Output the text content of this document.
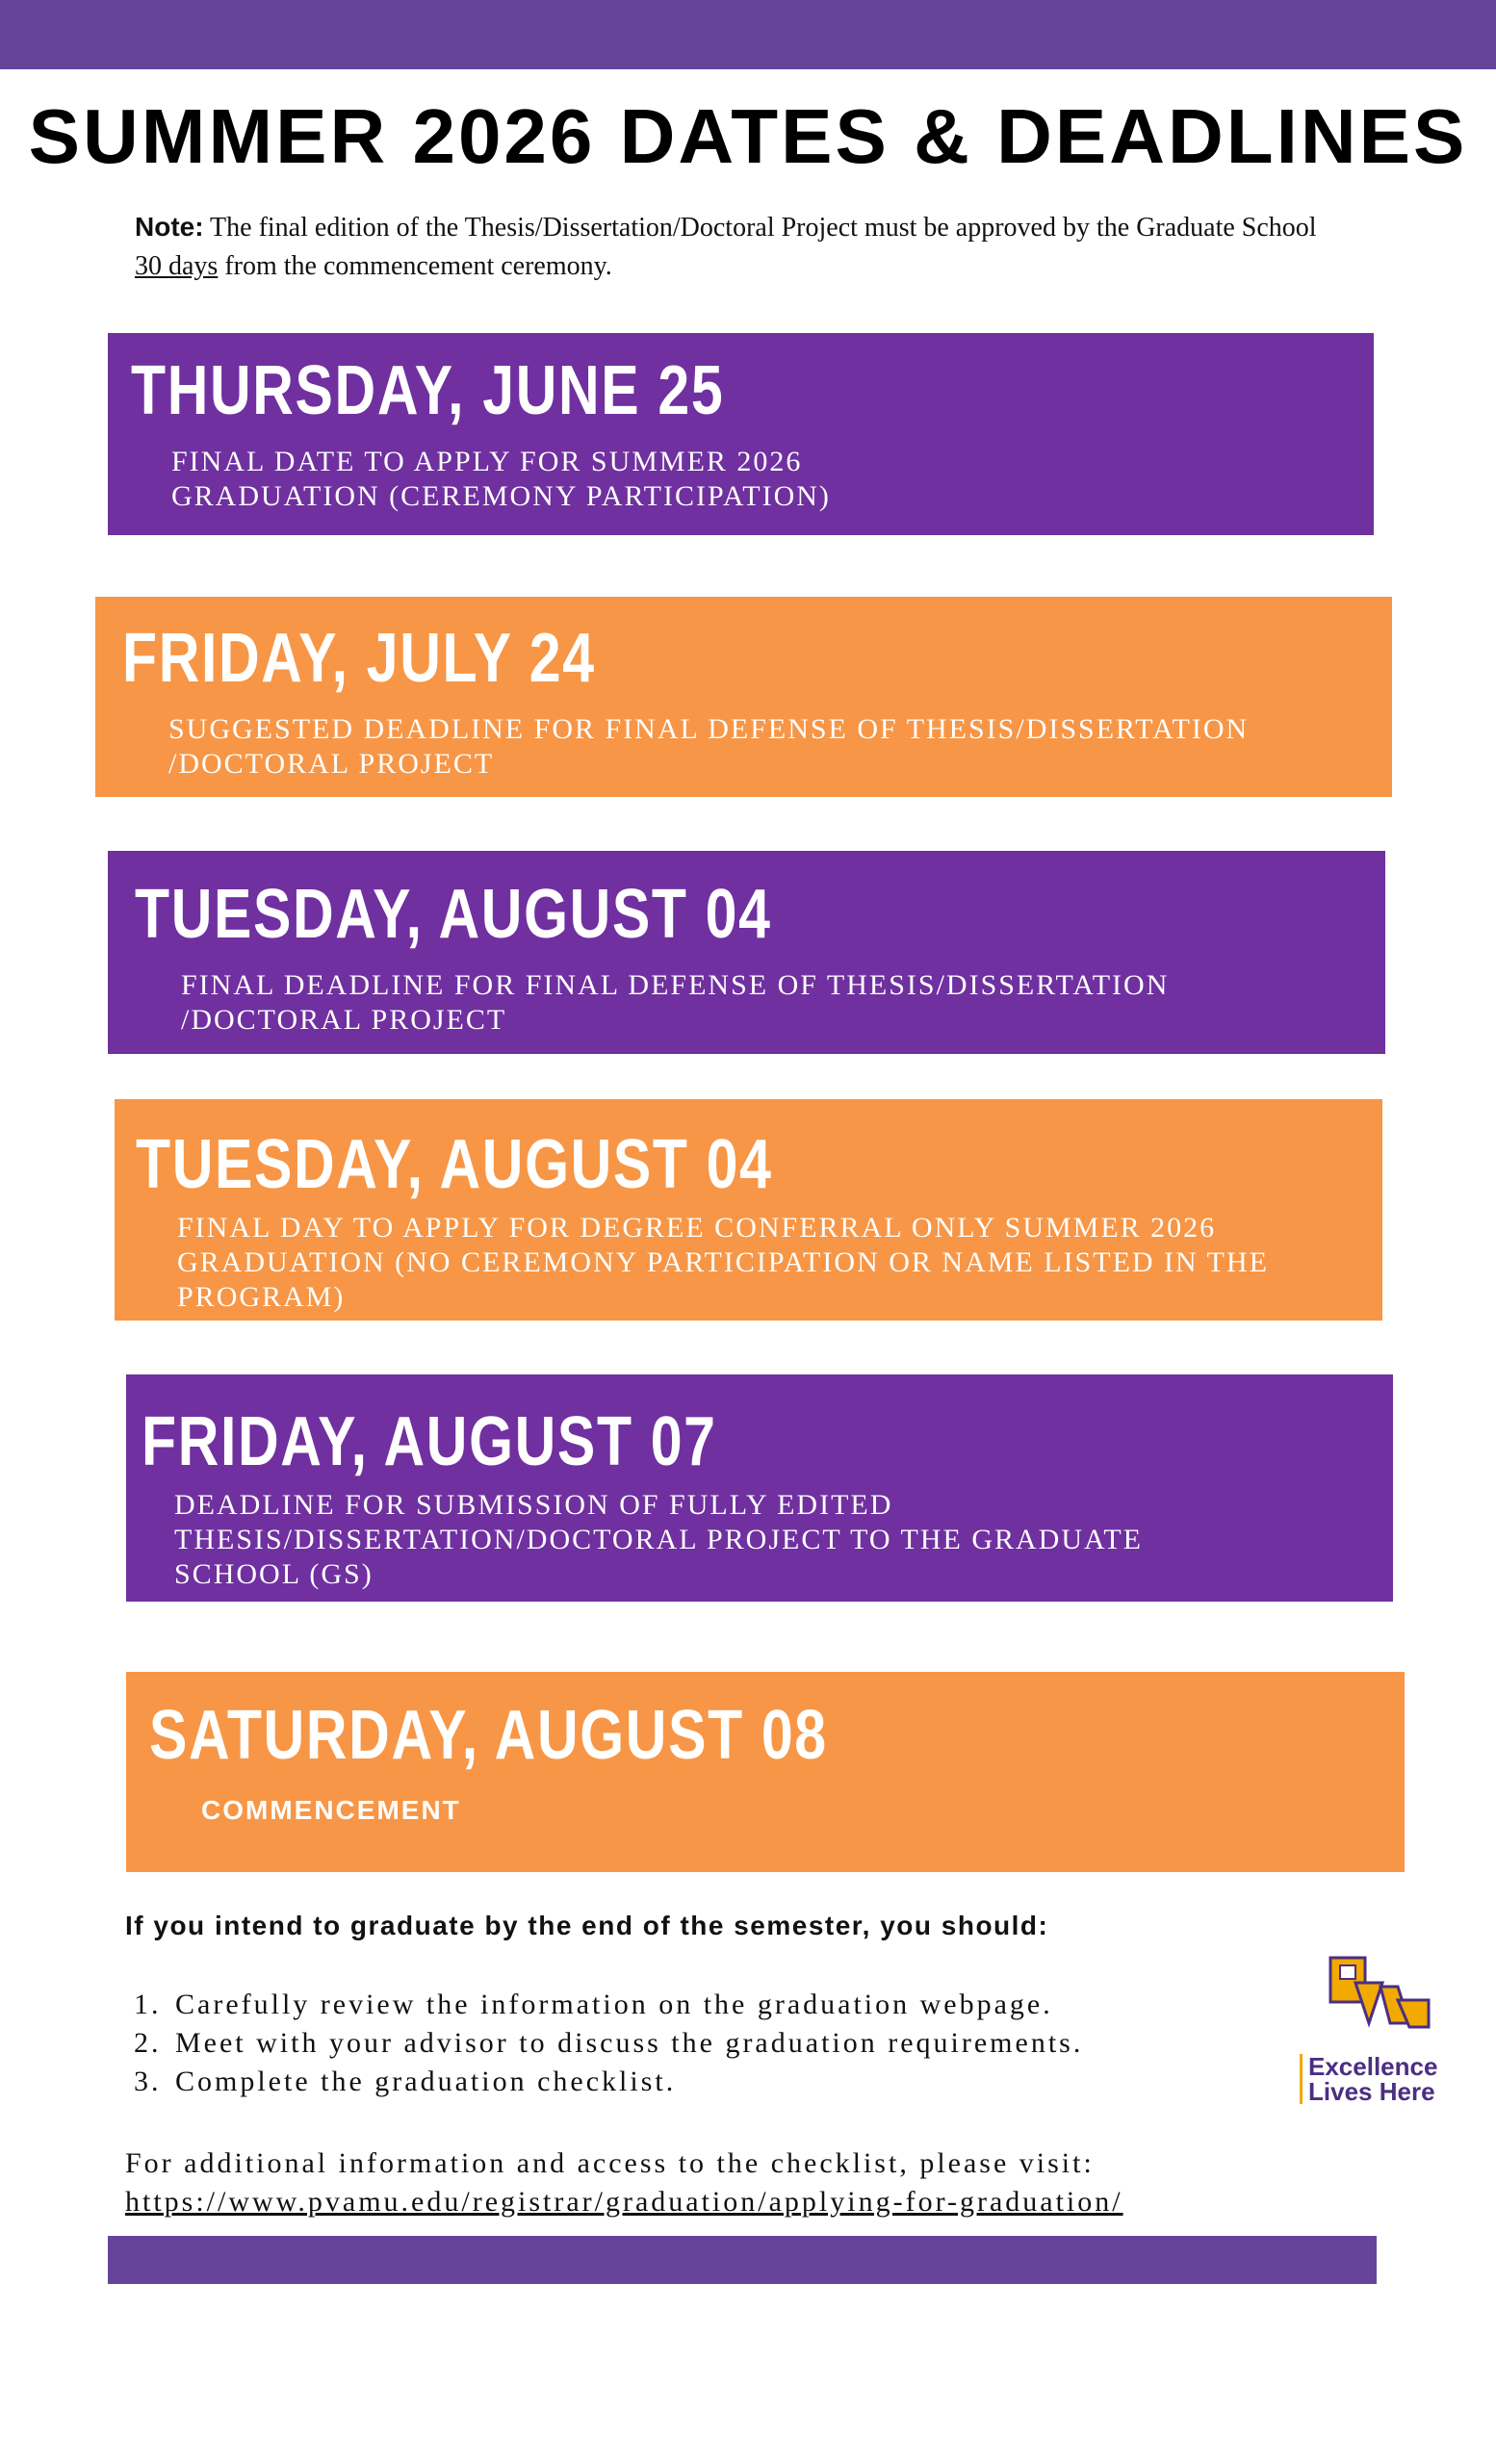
SUMMER 2026 DATES & DEADLINES
Note: The final edition of the Thesis/Dissertation/Doctoral Project must be approved by the Graduate School
30 days from the commencement ceremony.
THURSDAY, JUNE 25
FINAL DATE TO APPLY FOR SUMMER 2026
GRADUATION (CEREMONY PARTICIPATION)
FRIDAY, JULY 24
SUGGESTED DEADLINE FOR FINAL DEFENSE OF THESIS/DISSERTATION
/DOCTORAL PROJECT
TUESDAY, AUGUST 04
FINAL DEADLINE FOR FINAL DEFENSE OF THESIS/DISSERTATION
/DOCTORAL PROJECT
TUESDAY, AUGUST 04
FINAL DAY TO APPLY FOR DEGREE CONFERRAL ONLY SUMMER 2026
GRADUATION (NO CEREMONY PARTICIPATION OR NAME LISTED IN THE
PROGRAM)
FRIDAY, AUGUST 07
DEADLINE FOR SUBMISSION OF FULLY EDITED
THESIS/DISSERTATION/DOCTORAL PROJECT TO THE GRADUATE
SCHOOL (GS)
SATURDAY, AUGUST 08
COMMENCEMENT
If you intend to graduate by the end of the semester, you should:
1. Carefully review the information on the graduation webpage.
2. Meet with your advisor to discuss the graduation requirements.
3. Complete the graduation checklist.
For additional information and access to the checklist, please visit:
https://www.pvamu.edu/registrar/graduation/applying-for-graduation/
Excellence
Lives Here
